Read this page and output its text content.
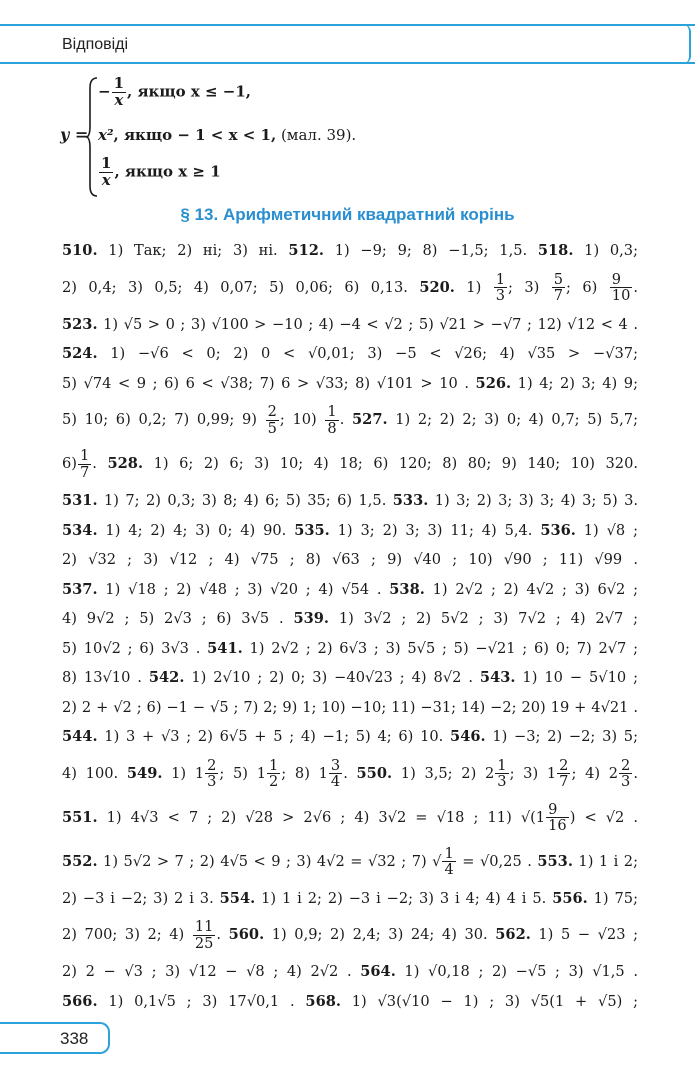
Відповіді
y =
− $\frac{1}{x}$ , якщо x ≤ −1,
x², якщо − 1 < x < 1, (мал. 39).
$\frac{1}{x}$ , якщо x ≥ 1
§ 13. Арифметичний квадратний корінь

510. 1) Так; 2) ні; 3) ні. 512. 1) −9; 9; 8) −1,5; 1,5. 518. 1) 0,3;

2) 0,4; 3) 0,5; 4) 0,07; 5) 0,06; 6) 0,13. 520. $1) \frac{1}{3}$ ; $3) \frac{5}{7}$ ; $6) \frac{9}{10}$ .

523. 1) √5 > 0 ; 3) √100 > −10 ; 4) −4 < √2 ; 5) √21 > −√7 ; 12) √12 < 4 .

524. 1) −√6 < 0; 2) 0 < √0,01; 3) −5 < √26; 4) √35 > −√37;

5) √74 < 9 ; 6) 6 < √38; 7) 6 > √33; 8) √101 > 10 . 526. 1) 4; 2) 3; 4) 9;

5) 10; 6) 0,2; 7) 0,99; $9) \frac{2}{5}$ ; $10) \frac{1}{8}$ . 527. 1) 2; 2) 2; 3) 0; 4) 0,7; 5) 5,7;

$6) \frac{1}{7}$ . 528. 1) 6; 2) 6; 3) 10; 4) 18; 6) 120; 8) 80; 9) 140; 10) 320.

531. 1) 7; 2) 0,3; 3) 8; 4) 6; 5) 35; 6) 1,5. 533. 1) 3; 2) 3; 3) 3; 4) 3; 5) 3.

534. 1) 4; 2) 4; 3) 0; 4) 90. 535. 1) 3; 2) 3; 3) 11; 4) 5,4. 536. 1) √8 ;

2) √32 ; 3) √12 ; 4) √75 ; 8) √63 ; 9) √40 ; 10) √90 ; 11) √99 .

537. 1) √18 ; 2) √48 ; 3) √20 ; 4) √54 . 538. 1) 2√2 ; 2) 4√2 ; 3) 6√2 ;

4) 9√2 ; 5) 2√3 ; 6) 3√5 . 539. 1) 3√2 ; 2) 5√2 ; 3) 7√2 ; 4) 2√7 ;

5) 10√2 ; 6) 3√3 . 541. 1) 2√2 ; 2) 6√3 ; 3) 5√5 ; 5) −√21 ; 6) 0; 7) 2√7 ;

8) 13√10 . 542. 1) 2√10 ; 2) 0; 3) −40√23 ; 4) 8√2 . 543. 1) 10 − 5√10 ;

2) 2 + √2 ; 6) −1 − √5 ; 7) 2; 9) 1; 10) −10; 11) −31; 14) −2; 20) 19 + 4√21 .

544. 1) 3 + √3 ; 2) 6√5 + 5 ; 4) −1; 5) 4; 6) 10. 546. 1) −3; 2) −2; 3) 5;

4) 100. 549. 1) $1 \frac{2}{3}$ ; 5) $1 \frac{1}{2}$ ; 8) $1 \frac{3}{4}$ . 550. 1) 3,5; 2) $2 \frac{1}{3}$ ; 3) $1 \frac{2}{7}$ ; 4) $2 \frac{2}{3}$ .

551. 1) 4√3 < 7 ; 2) √28 > 2√6 ; 4) 3√2 = √18 ; 11) $√(1 \frac{9}{16}$ ) < √2 .

552. 1) 5√2 > 7 ; 2) 4√5 < 9 ; 3) 4√2 = √32 ; 7) √ $\frac{1}{4} = √0,25$ . 553. 1) 1 і 2;

2) −3 і −2; 3) 2 і 3. 554. 1) 1 і 2; 2) −3 і −2; 3) 3 і 4; 4) 4 і 5. 556. 1) 75;

2) 700; 3) 2; $4) \frac{11}{25}$ . 560. 1) 0,9; 2) 2,4; 3) 24; 4) 30. 562. 1) 5 − √23 ;

2) 2 − √3 ; 3) √12 − √8 ; 4) 2√2 . 564. 1) √0,18 ; 2) −√5 ; 3) √1,5 .

566. 1) 0,1√5 ; 3) 17√0,1 . 568. 1) √3(√10 − 1) ; 3) √5(1 + √5) ;

338
